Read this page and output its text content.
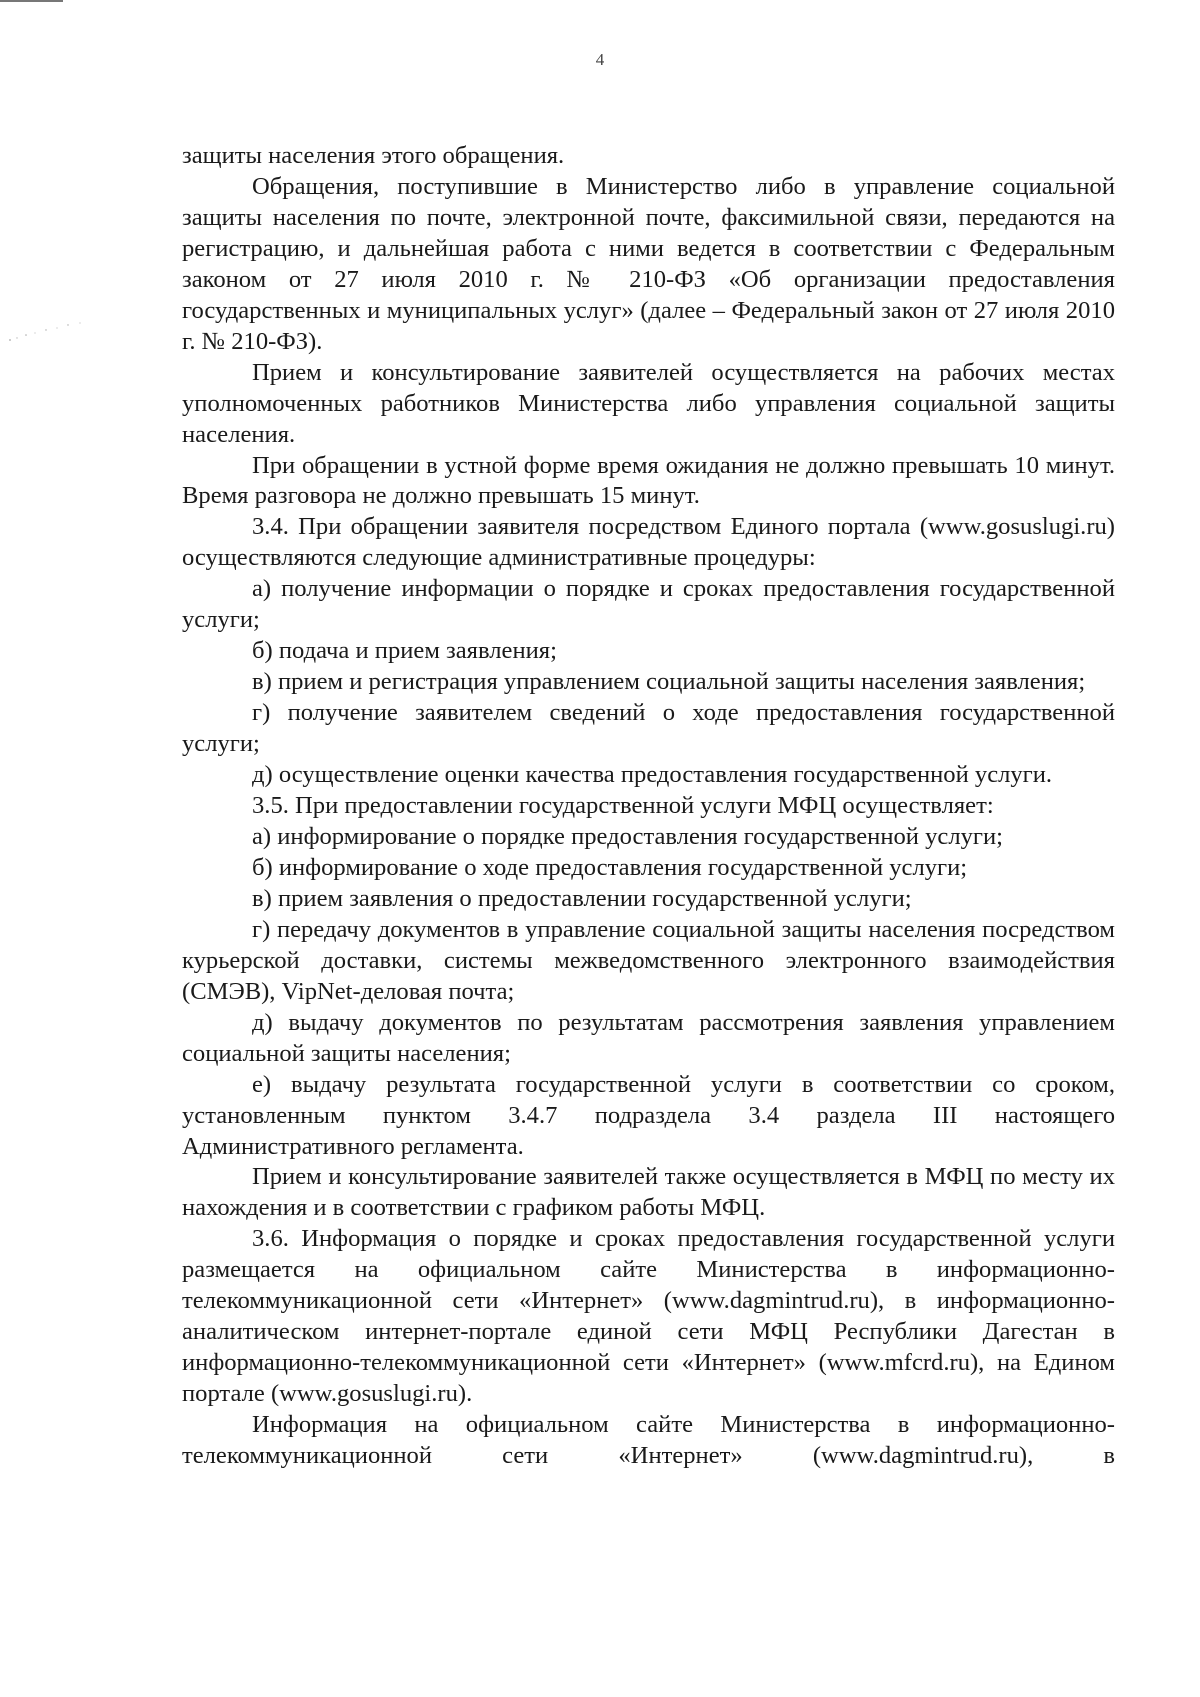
4

защиты населения этого обращения.

Обращения, поступившие в Министерство либо в управление социальной защиты населения по почте, электронной почте, факсимильной связи, передаются на регистрацию, и дальнейшая работа с ними ведется в соответствии с Федеральным законом от 27 июля 2010 г. № 210-ФЗ «Об организации предоставления государственных и муниципальных услуг» (далее – Федеральный закон от 27 июля 2010 г. № 210-ФЗ).

Прием и консультирование заявителей осуществляется на рабочих местах уполномоченных работников Министерства либо управления социальной защиты населения.

При обращении в устной форме время ожидания не должно превышать 10 минут. Время разговора не должно превышать 15 минут.

3.4. При обращении заявителя посредством Единого портала (www.gosuslugi.ru) осуществляются следующие административные процедуры:

а) получение информации о порядке и сроках предоставления государственной услуги;

б) подача и прием заявления;

в) прием и регистрация управлением социальной защиты населения заявления;

г) получение заявителем сведений о ходе предоставления государственной услуги;

д) осуществление оценки качества предоставления государственной услуги.

3.5. При предоставлении государственной услуги МФЦ осуществляет:

а) информирование о порядке предоставления государственной услуги;

б) информирование о ходе предоставления государственной услуги;

в) прием заявления о предоставлении государственной услуги;

г) передачу документов в управление социальной защиты населения посредством курьерской доставки, системы межведомственного электронного взаимодействия (СМЭВ), VipNet-деловая почта;

д) выдачу документов по результатам рассмотрения заявления управлением социальной защиты населения;

е) выдачу результата государственной услуги в соответствии со сроком, установленным пунктом 3.4.7 подраздела 3.4 раздела III настоящего Административного регламента.

Прием и консультирование заявителей также осуществляется в МФЦ по месту их нахождения и в соответствии с графиком работы МФЦ.

3.6. Информация о порядке и сроках предоставления государственной услуги размещается на официальном сайте Министерства в информационно-телекоммуникационной сети «Интернет» (www.dagmintrud.ru), в информационно-аналитическом интернет-портале единой сети МФЦ Республики Дагестан в информационно-телекоммуникационной сети «Интернет» (www.mfcrd.ru), на Едином портале (www.gosuslugi.ru).

Информация на официальном сайте Министерства в информационно-телекоммуникационной сети «Интернет» (www.dagmintrud.ru), в
